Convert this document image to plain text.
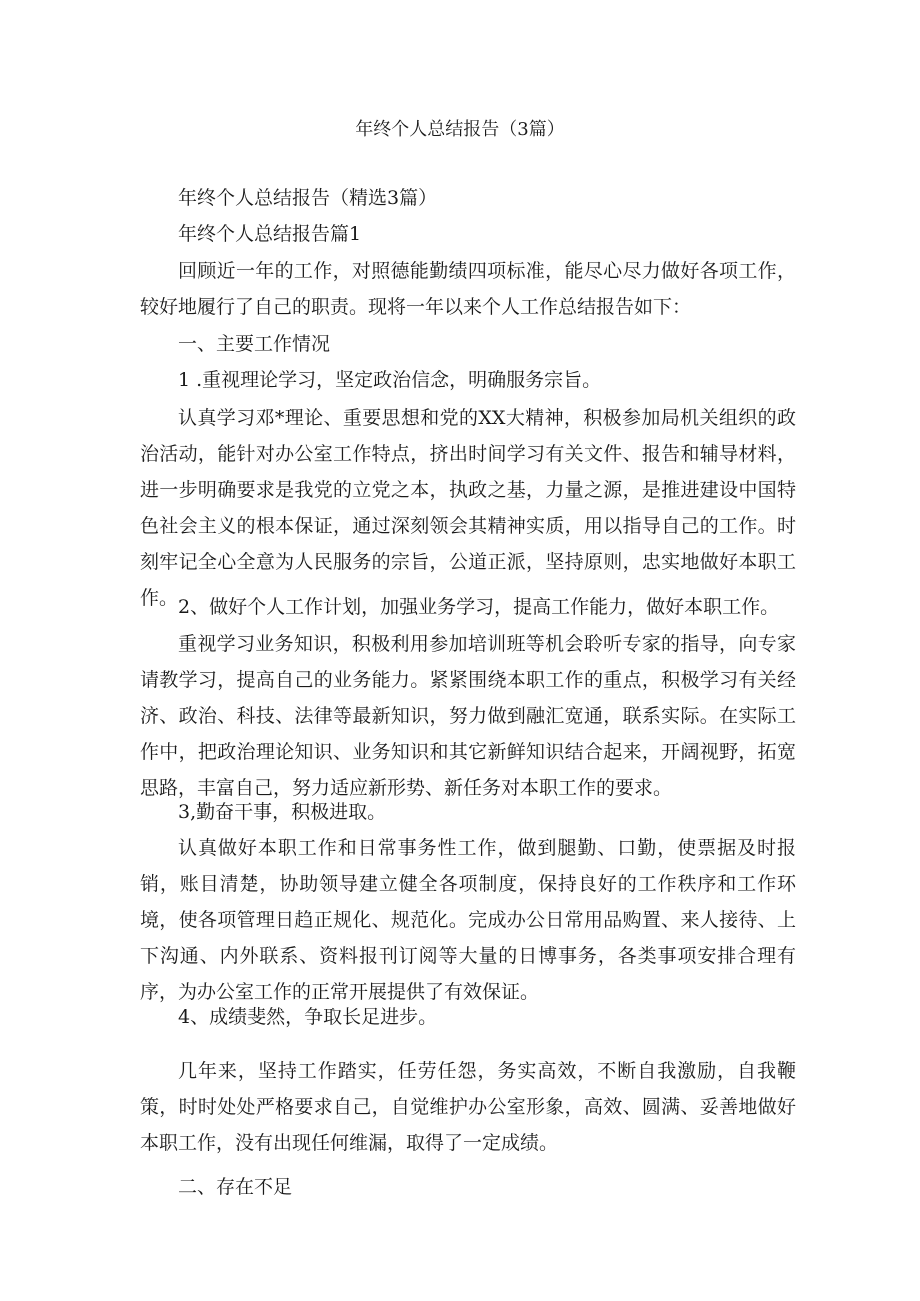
年终个人总结报告（3篇）

年终个人总结报告（精选3篇）

年终个人总结报告篇1

回顾近一年的工作，对照德能勤绩四项标准，能尽心尽力做好各项工作，较好地履行了自己的职责。现将一年以来个人工作总结报告如下：

一、主要工作情况

1 .重视理论学习，坚定政治信念，明确服务宗旨。

认真学习邓*理论、重要思想和党的XX大精神，积极参加局机关组织的政治活动，能针对办公室工作特点，挤出时间学习有关文件、报告和辅导材料，进一步明确要求是我党的立党之本，执政之基，力量之源，是推进建设中国特色社会主义的根本保证，通过深刻领会其精神实质，用以指导自己的工作。时刻牢记全心全意为人民服务的宗旨，公道正派，坚持原则，忠实地做好本职工作。 2、做好个人工作计划，加强业务学习，提高工作能力，做好本职工作。

重视学习业务知识，积极利用参加培训班等机会聆听专家的指导，向专家请教学习，提高自己的业务能力。紧紧围绕本职工作的重点，积极学习有关经济、政治、科技、法律等最新知识，努力做到融汇宽通，联系实际。在实际工作中，把政治理论知识、业务知识和其它新鲜知识结合起来，开阔视野，拓宽思路，丰富自己，努力适应新形势、新任务对本职工作的要求。

3,勤奋干事，积极进取。

认真做好本职工作和日常事务性工作，做到腿勤、口勤，使票据及时报销，账目清楚，协助领导建立健全各项制度，保持良好的工作秩序和工作环境，使各项管理日趋正规化、规范化。完成办公日常用品购置、来人接待、上下沟通、内外联系、资料报刊订阅等大量的日博事务，各类事项安排合理有序，为办公室工作的正常开展提供了有效保证。

4、成绩斐然，争取长足进步。

几年来，坚持工作踏实，任劳任怨，务实高效，不断自我激励，自我鞭策，时时处处严格要求自己，自觉维护办公室形象，高效、圆满、妥善地做好本职工作，没有出现任何维漏，取得了一定成绩。

二、存在不足
